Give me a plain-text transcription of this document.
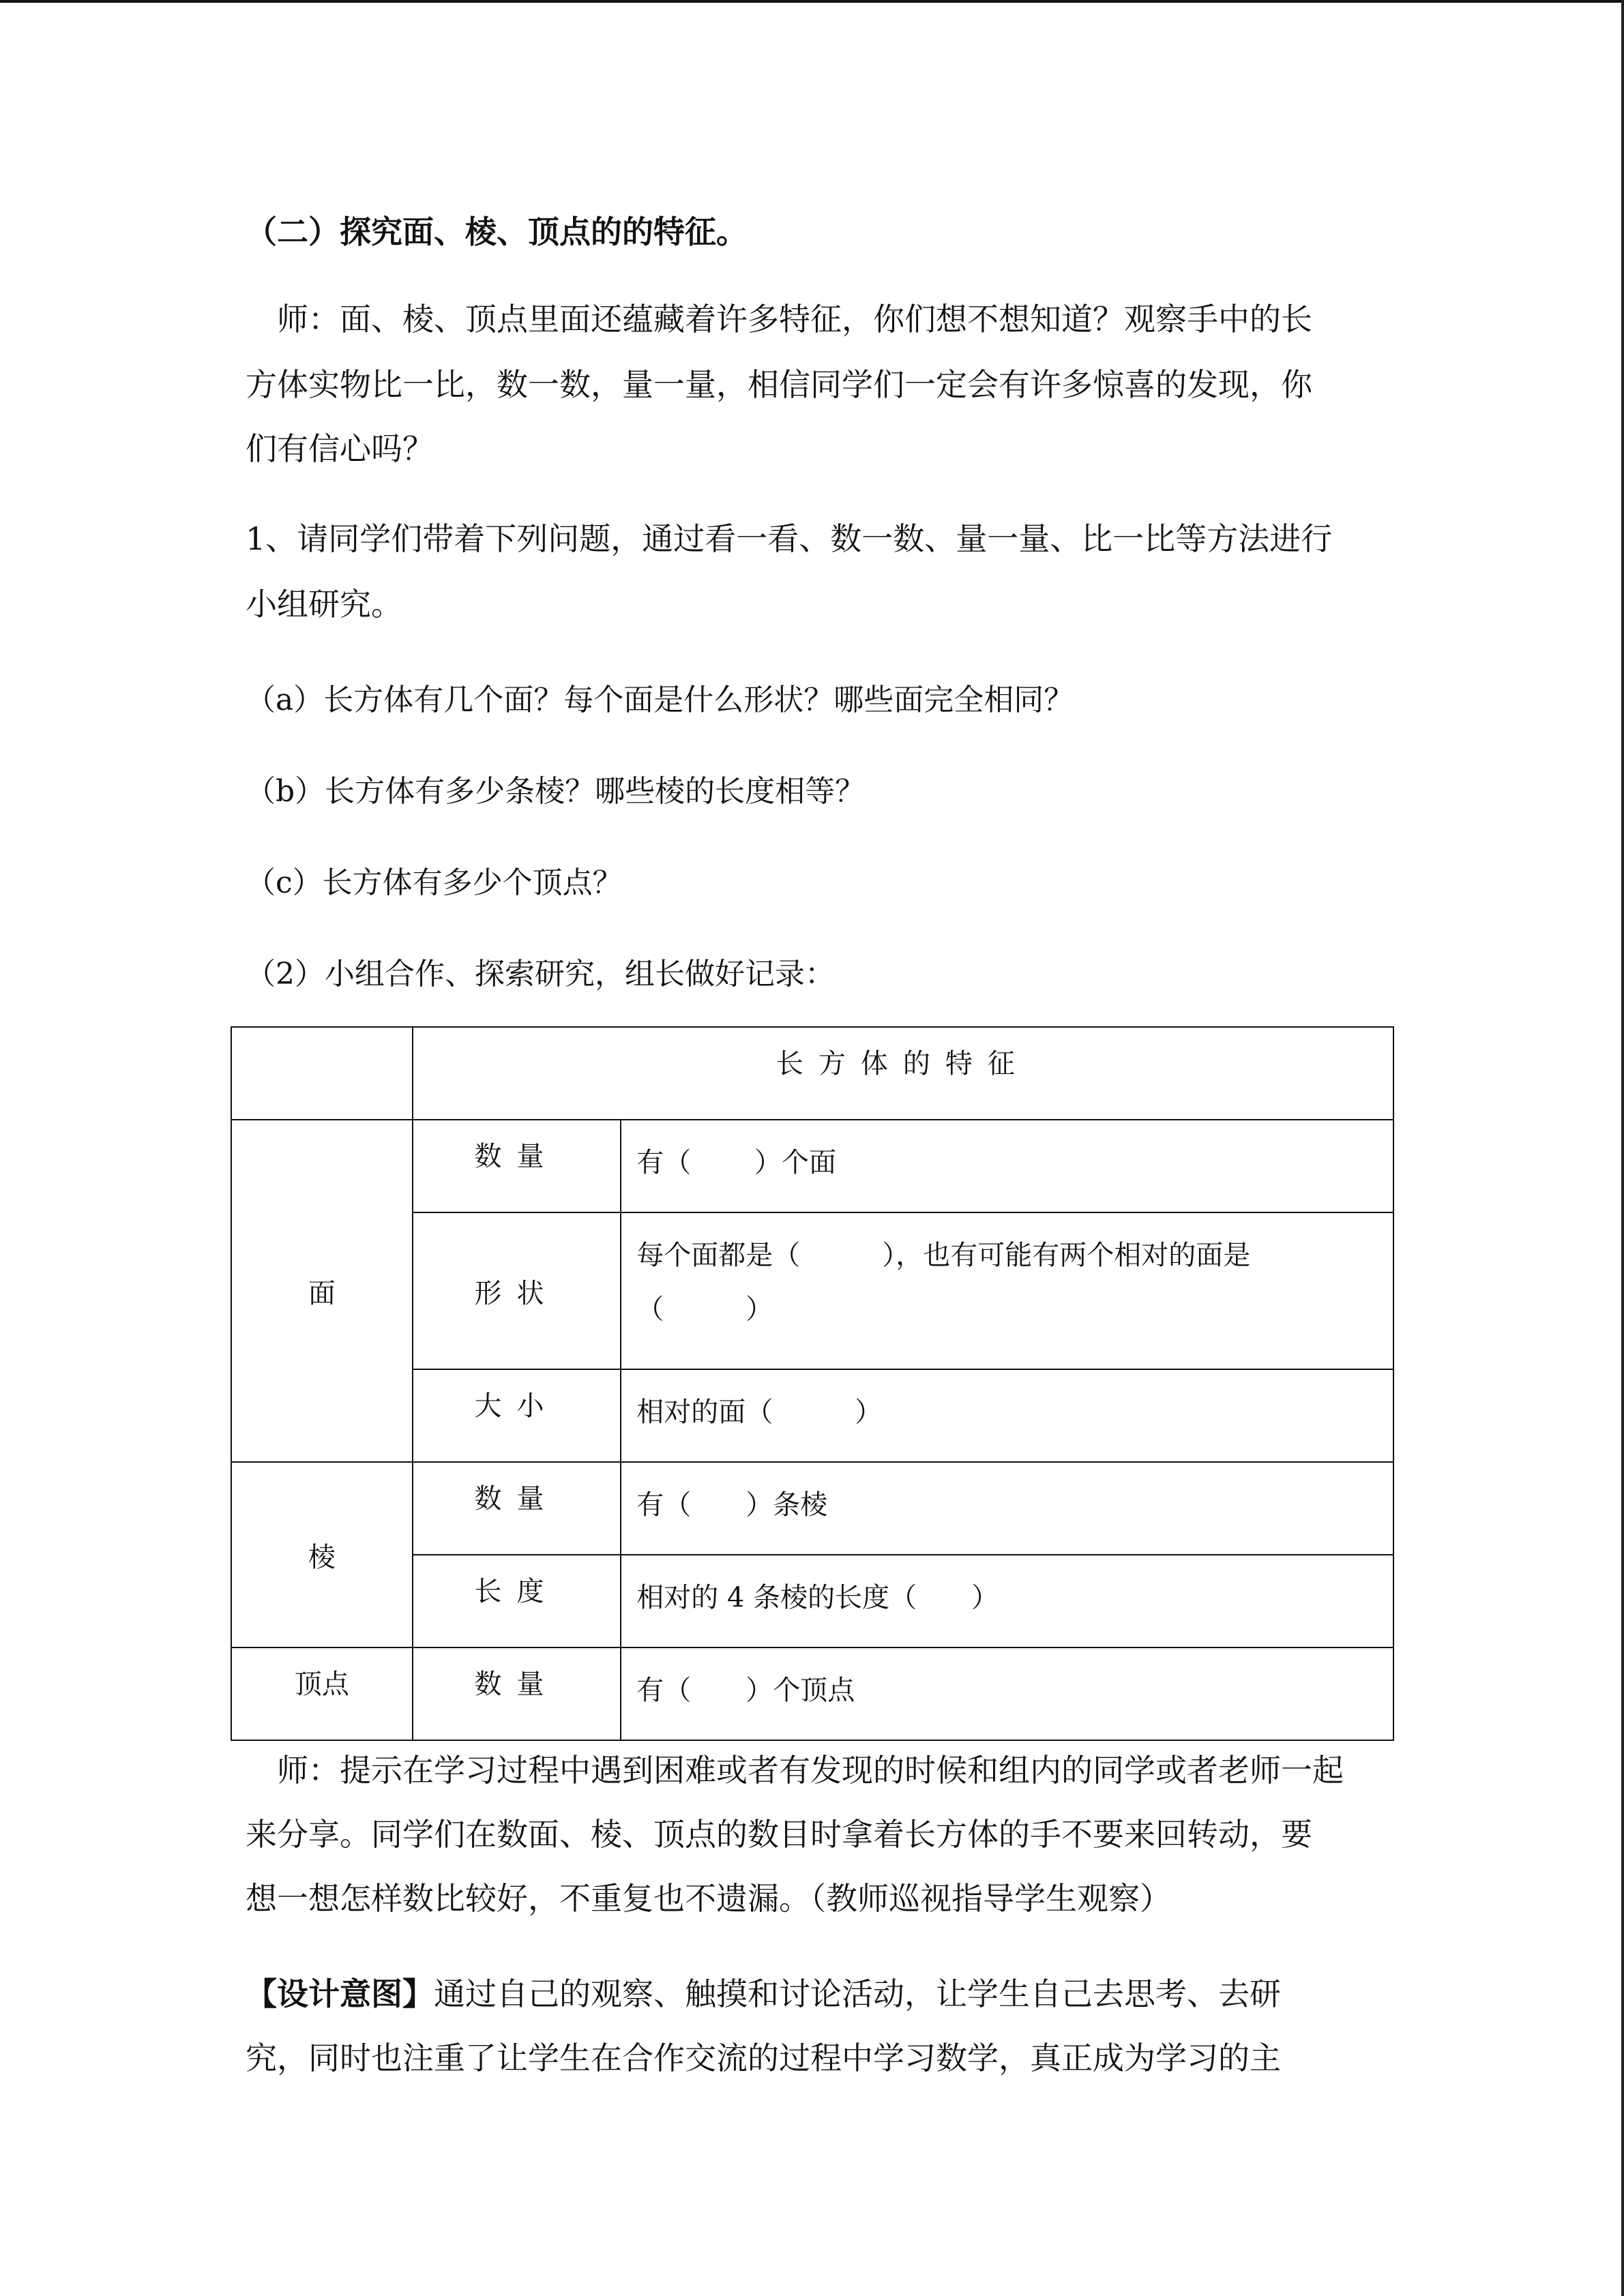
（二）探究面、棱、顶点的的特征。

　师：面、棱、顶点里面还蕴藏着许多特征，你们想不想知道？观察手中的长

方体实物比一比，数一数，量一量，相信同学们一定会有许多惊喜的发现，你

们有信心吗？

1、请同学们带着下列问题，通过看一看、数一数、量一量、比一比等方法进行

小组研究。

（a）长方体有几个面？每个面是什么形状？哪些面完全相同？

（b）长方体有多少条棱？哪些棱的长度相等？

（c）长方体有多少个顶点？

（2）小组合作、探索研究，组长做好记录：

	长方体的特征	
面	数量	有（　　 ）个面
	形状	每个面都是（　　　），也有可能有两个相对的面是
（　　　）

	大小	相对的面（　　　）
棱	数量	有（　　）条棱
	长度	相对的 4 条棱的长度（　　）
顶点	数量	有（　　）个顶点

　师：提示在学习过程中遇到困难或者有发现的时候和组内的同学或者老师一起

来分享。同学们在数面、棱、顶点的数目时拿着长方体的手不要来回转动，要

想一想怎样数比较好，不重复也不遗漏。（教师巡视指导学生观察）

【设计意图】通过自己的观察、触摸和讨论活动，让学生自己去思考、去研

究，同时也注重了让学生在合作交流的过程中学习数学，真正成为学习的主
